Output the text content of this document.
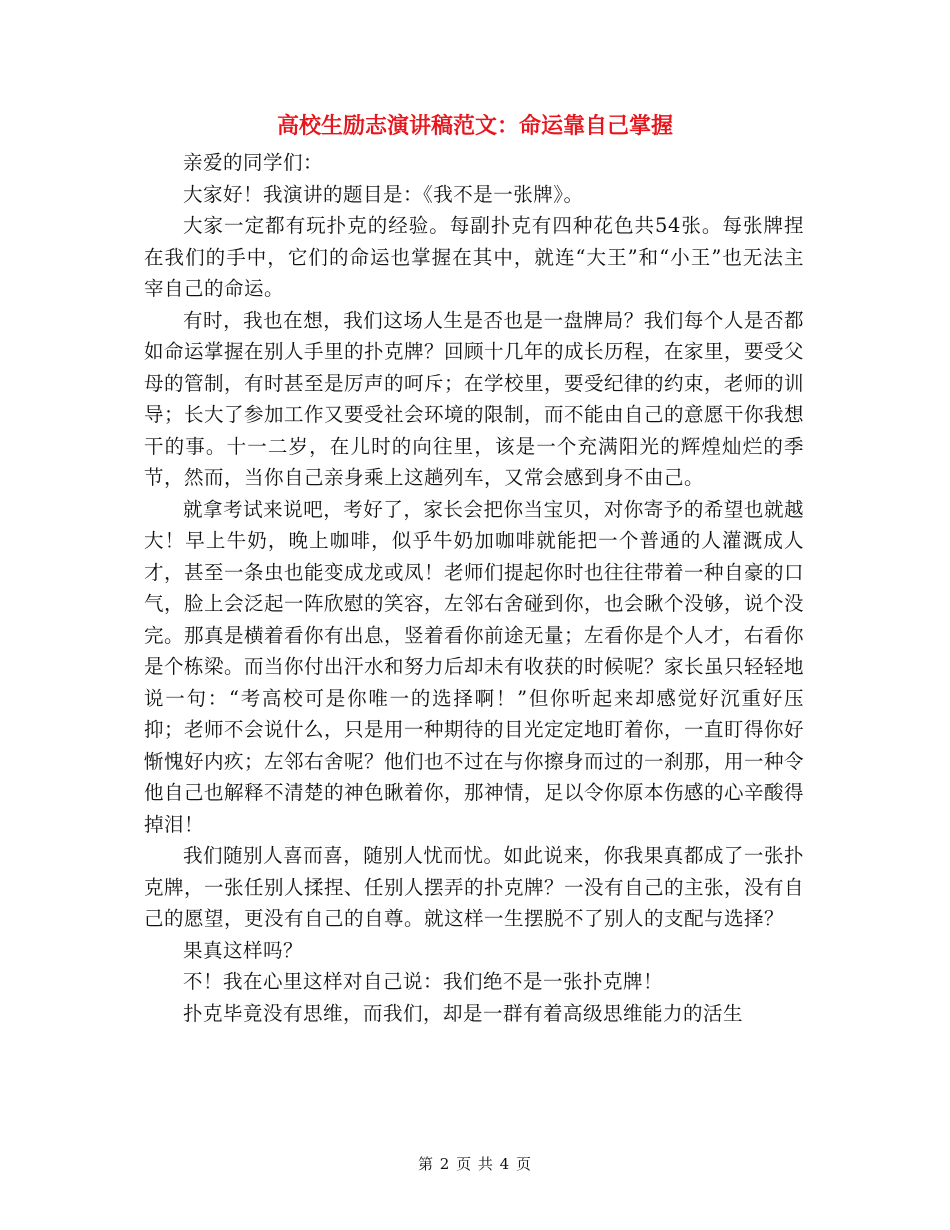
高校生励志演讲稿范文：命运靠自己掌握

亲爱的同学们：

大家好！我演讲的题目是：《我不是一张牌》。

大家一定都有玩扑克的经验。每副扑克有四种花色共54张。每张牌捏在我们的手中，它们的命运也掌握在其中，就连“大王”和“小王”也无法主宰自己的命运。

有时，我也在想，我们这场人生是否也是一盘牌局？我们每个人是否都如命运掌握在别人手里的扑克牌？回顾十几年的成长历程，在家里，要受父母的管制，有时甚至是厉声的呵斥；在学校里，要受纪律的约束，老师的训导；长大了参加工作又要受社会环境的限制，而不能由自己的意愿干你我想干的事。十一二岁，在儿时的向往里，该是一个充满阳光的辉煌灿烂的季节，然而，当你自己亲身乘上这趟列车，又常会感到身不由己。

就拿考试来说吧，考好了，家长会把你当宝贝，对你寄予的希望也就越大！早上牛奶，晚上咖啡，似乎牛奶加咖啡就能把一个普通的人灌溉成人才，甚至一条虫也能变成龙或凤！老师们提起你时也往往带着一种自豪的口气，脸上会泛起一阵欣慰的笑容，左邻右舍碰到你，也会瞅个没够，说个没完。那真是横着看你有出息，竖着看你前途无量；左看你是个人才，右看你是个栋梁。而当你付出汗水和努力后却未有收获的时候呢？家长虽只轻轻地说一句：“考高校可是你唯一的选择啊！”但你听起来却感觉好沉重好压抑；老师不会说什么，只是用一种期待的目光定定地盯着你，一直盯得你好惭愧好内疚；左邻右舍呢？他们也不过在与你擦身而过的一刹那，用一种令他自己也解释不清楚的神色瞅着你，那神情，足以令你原本伤感的心辛酸得掉泪！

我们随别人喜而喜，随别人忧而忧。如此说来，你我果真都成了一张扑克牌，一张任别人揉捏、任别人摆弄的扑克牌？一没有自己的主张，没有自己的愿望，更没有自己的自尊。就这样一生摆脱不了别人的支配与选择？

果真这样吗？

不！我在心里这样对自己说：我们绝不是一张扑克牌！

扑克毕竟没有思维，而我们，却是一群有着高级思维能力的活生

第 2 页 共 4 页
